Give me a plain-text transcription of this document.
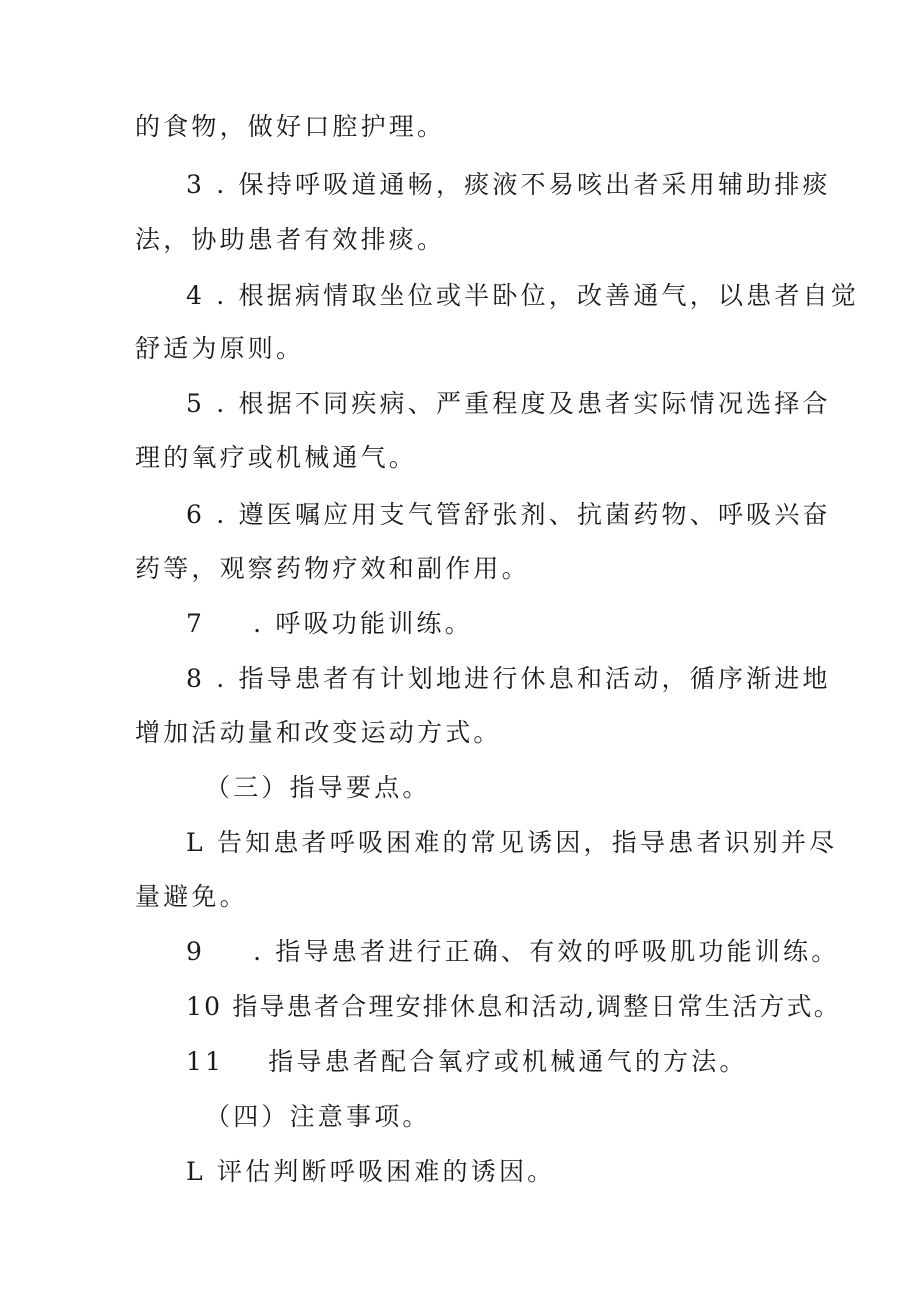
的食物，做好口腔护理。
3 . 保持呼吸道通畅，痰液不易咳出者采用辅助排痰
法，协助患者有效排痰。
4 . 根据病情取坐位或半卧位，改善通气，以患者自觉
舒适为原则。
5 . 根据不同疾病、严重程度及患者实际情况选择合
理的氧疗或机械通气。
6 . 遵医嘱应用支气管舒张剂、抗菌药物、呼吸兴奋
药等，观察药物疗效和副作用。
7 . 呼吸功能训练。
8 . 指导患者有计划地进行休息和活动，循序渐进地
增加活动量和改变运动方式。
（三）指导要点。
L 告知患者呼吸困难的常见诱因，指导患者识别并尽
量避免。
9 . 指导患者进行正确、有效的呼吸肌功能训练。
10 指导患者合理安排休息和活动,调整日常生活方式。
11 指导患者配合氧疗或机械通气的方法。
（四）注意事项。
L 评估判断呼吸困难的诱因。
